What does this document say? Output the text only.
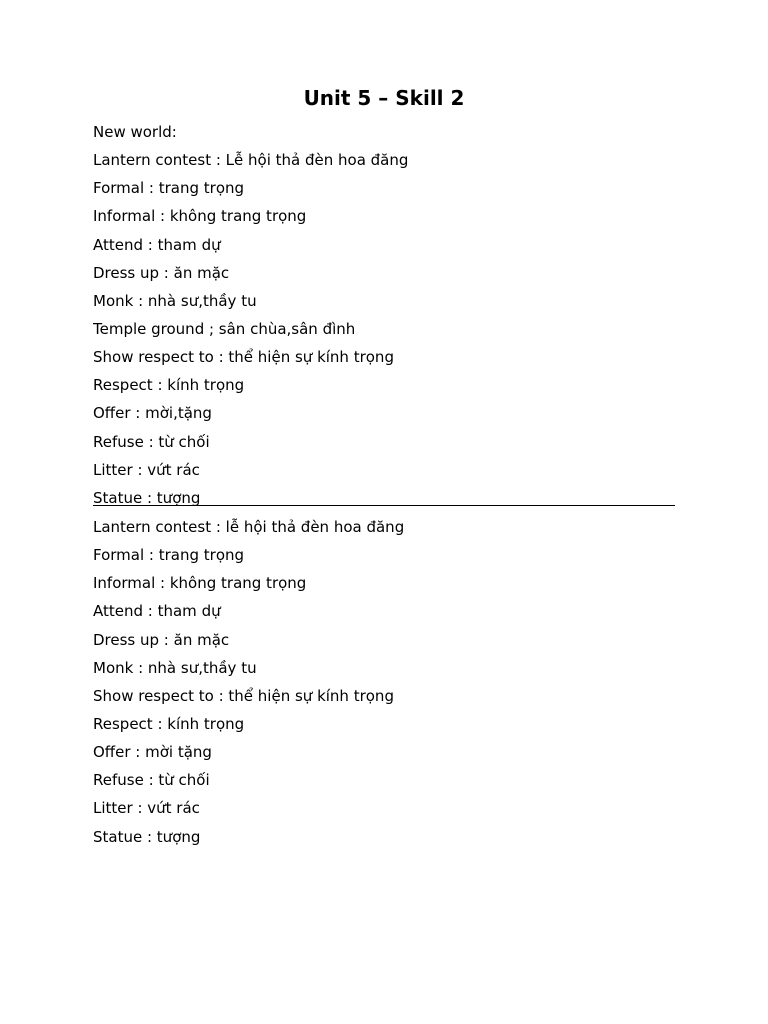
Unit 5 – Skill 2
New world:
Lantern contest : Lễ hội thả đèn hoa đăng
Formal : trang trọng
Informal : không trang trọng
Attend : tham dự
Dress up : ăn mặc
Monk : nhà sư,thầy tu
Temple ground ; sân chùa,sân đình
Show respect to : thể hiện sự kính trọng
Respect : kính trọng
Offer : mời,tặng
Refuse : từ chối
Litter : vứt rác
Statue : tượng
Lantern contest : lễ hội thả đèn hoa đăng
Formal : trang trọng
Informal : không trang trọng
Attend : tham dự
Dress up : ăn mặc
Monk : nhà sư,thầy tu
Show respect to : thể hiện sự kính trọng
Respect : kính trọng
Offer : mời tặng
Refuse : từ chối
Litter : vứt rác
Statue : tượng
